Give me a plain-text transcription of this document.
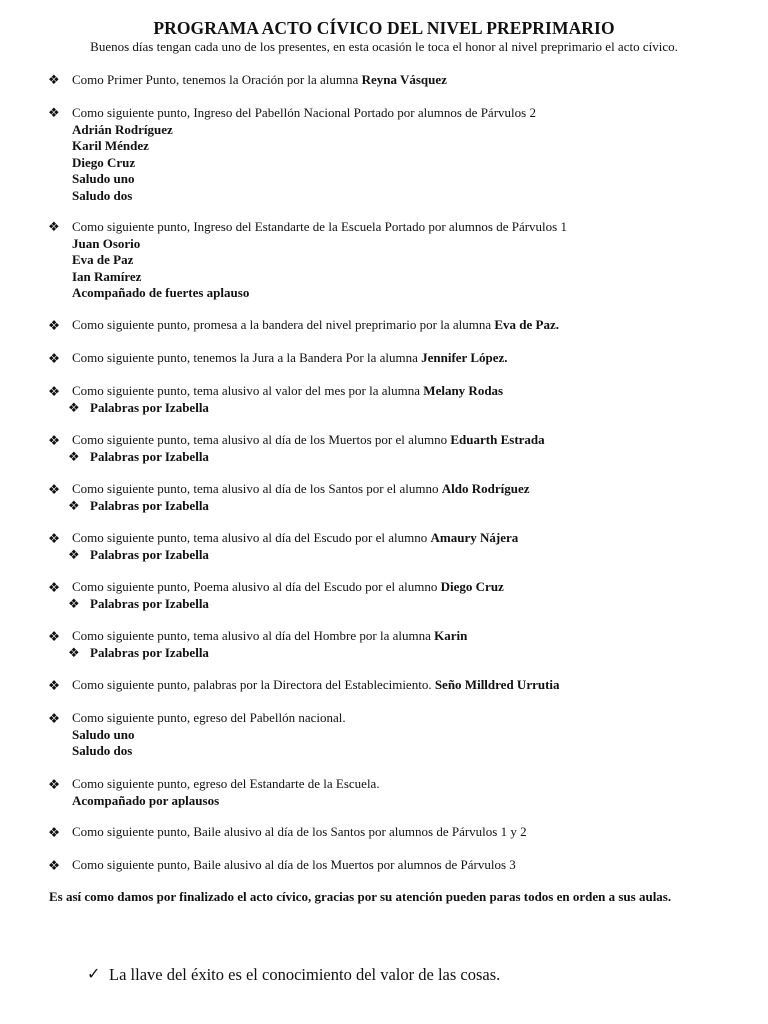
PROGRAMA ACTO CÍVICO DEL NIVEL PREPRIMARIO
Buenos días tengan cada uno de los presentes, en esta ocasión le toca el honor al nivel preprimario el acto cívico.
❖ Como Primer Punto, tenemos la Oración por la alumna Reyna Vásquez
❖ Como siguiente punto, Ingreso del Pabellón Nacional Portado por alumnos de Párvulos 2
Adrián Rodríguez
Karil Méndez
Diego Cruz
Saludo uno
Saludo dos
❖ Como siguiente punto, Ingreso del Estandarte de la Escuela Portado por alumnos de Párvulos 1
Juan Osorio
Eva de Paz
Ian Ramírez
Acompañado de fuertes aplauso
❖ Como siguiente punto, promesa a la bandera del nivel preprimario por la alumna Eva de Paz.
❖ Como siguiente punto, tenemos la Jura a la Bandera Por la alumna Jennifer López.
❖ Como siguiente punto, tema alusivo al valor del mes por la alumna Melany Rodas
❖ Palabras por Izabella
❖ Como siguiente punto, tema alusivo al día de los Muertos por el alumno Eduarth Estrada
❖ Palabras por Izabella
❖ Como siguiente punto, tema alusivo al día de los Santos por el alumno Aldo Rodríguez
❖ Palabras por Izabella
❖ Como siguiente punto, tema alusivo al día del Escudo por el alumno Amaury Nájera
❖ Palabras por Izabella
❖ Como siguiente punto, Poema alusivo al día del Escudo por el alumno Diego Cruz
❖ Palabras por Izabella
❖ Como siguiente punto, tema alusivo al día del Hombre por la alumna Karin
❖ Palabras por Izabella
❖ Como siguiente punto, palabras por la Directora del Establecimiento. Seño Milldred Urrutia
❖ Como siguiente punto, egreso del Pabellón nacional.
Saludo uno
Saludo dos
❖ Como siguiente punto, egreso del Estandarte de la Escuela.
Acompañado por aplausos
❖ Como siguiente punto, Baile alusivo al día de los Santos por alumnos de Párvulos 1 y 2
❖ Como siguiente punto, Baile alusivo al día de los Muertos por alumnos de Párvulos 3
Es así como damos por finalizado el acto cívico, gracias por su atención pueden paras todos en orden a sus aulas.
✓ La llave del éxito es el conocimiento del valor de las cosas.
